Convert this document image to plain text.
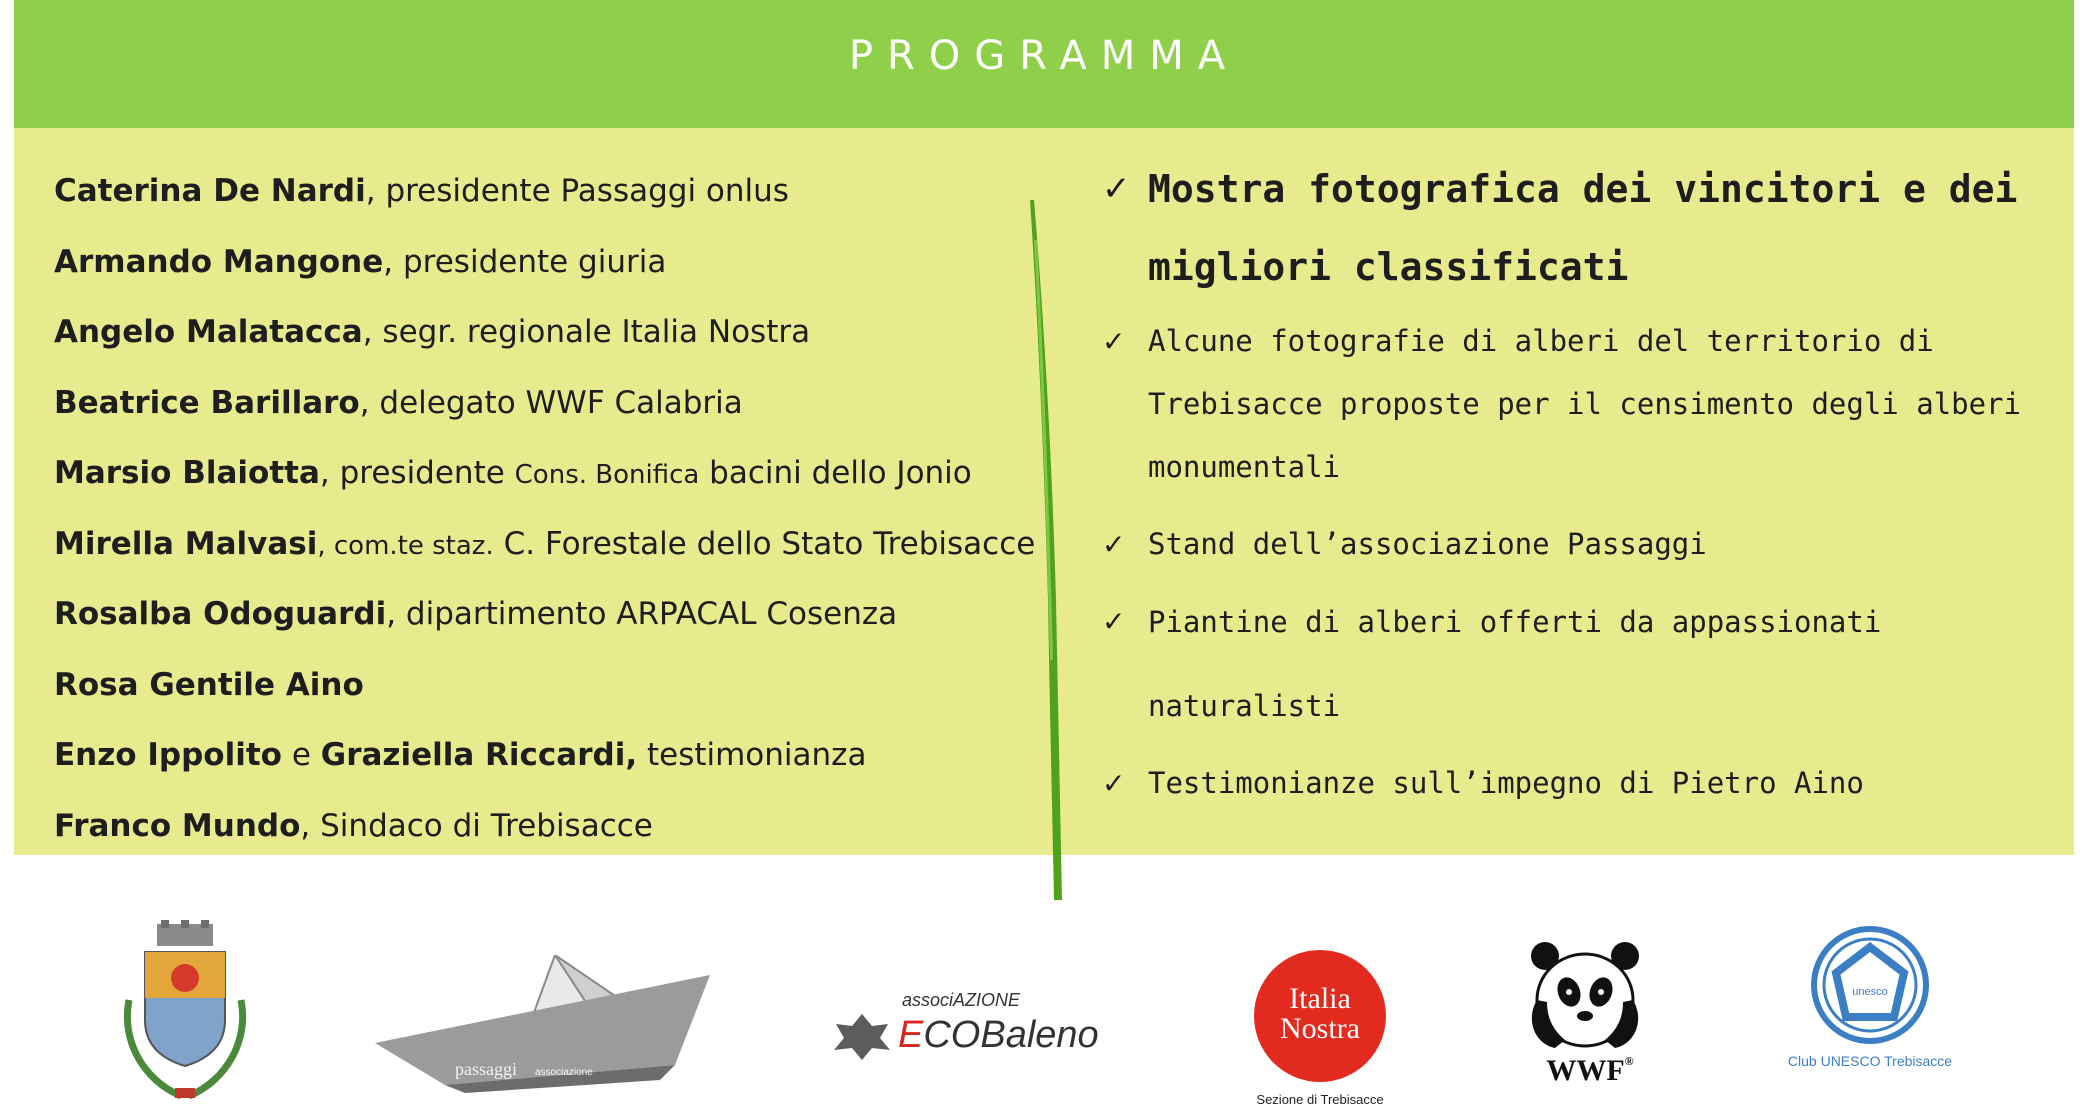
PROGRAMMA
Caterina De Nardi, presidente Passaggi onlus
Armando Mangone, presidente giuria
Angelo Malatacca, segr. regionale Italia Nostra
Beatrice Barillaro, delegato WWF Calabria
Marsio Blaiotta, presidente Cons. Bonifica bacini dello Jonio
Mirella Malvasi, com.te staz. C. Forestale dello Stato Trebisacce
Rosalba Odoguardi, dipartimento ARPACAL Cosenza
Rosa Gentile Aino
Enzo Ippolito e Graziella Riccardi, testimonianza
Franco Mundo, Sindaco di Trebisacce
✓ Mostra fotografica dei vincitori e dei migliori classificati
✓ Alcune fotografie di alberi del territorio di Trebisacce proposte per il censimento degli alberi monumentali
✓ Stand dell’associazione Passaggi
✓ Piantine di alberi offerti da appassionati naturalisti
✓ Testimonianze sull’impegno di Pietro Aino
passaggi associazione
associAZIONE
ECOBaleno
Italia
Nostra
Sezione di Trebisacce
WWF®
unesco
Club UNESCO Trebisacce
